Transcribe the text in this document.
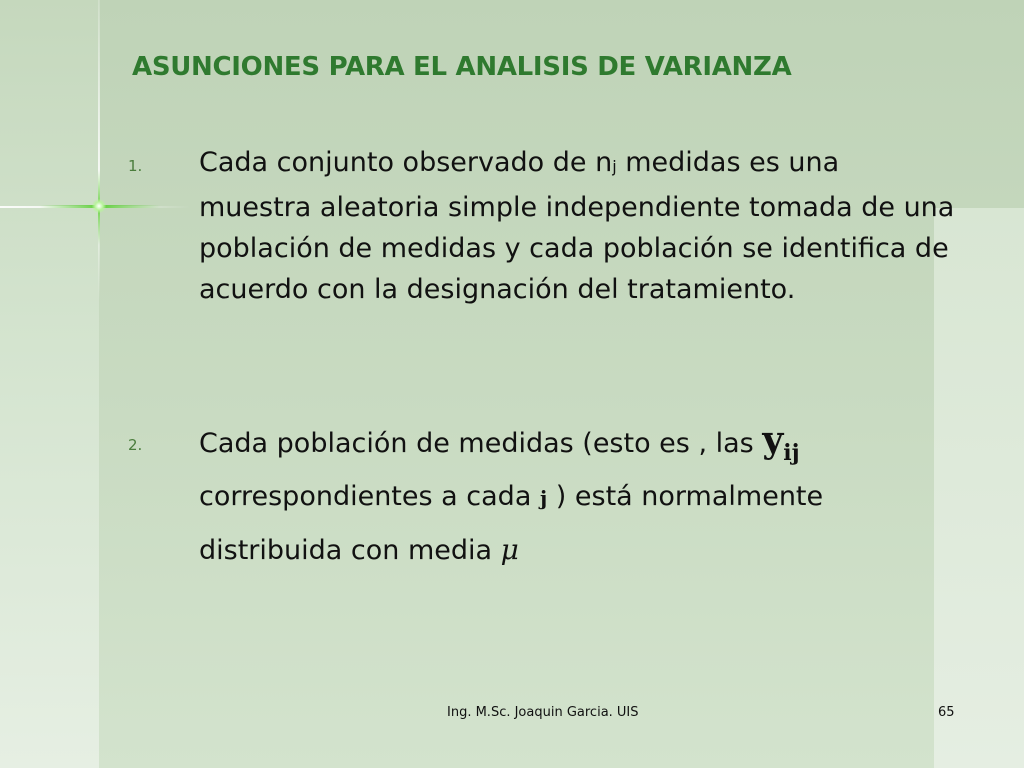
ASUNCIONES PARA EL ANALISIS DE VARIANZA
1. Cada conjunto observado de nj medidas es una muestra aleatoria simple independiente tomada de una población de medidas y cada población se identifica de acuerdo con la designación del tratamiento.
2. Cada población de medidas (esto es , las $y_{ij}$
correspondientes a cada j ) está normalmente
distribuida con media μ
Ing. M.Sc. Joaquin Garcia. UIS	65
